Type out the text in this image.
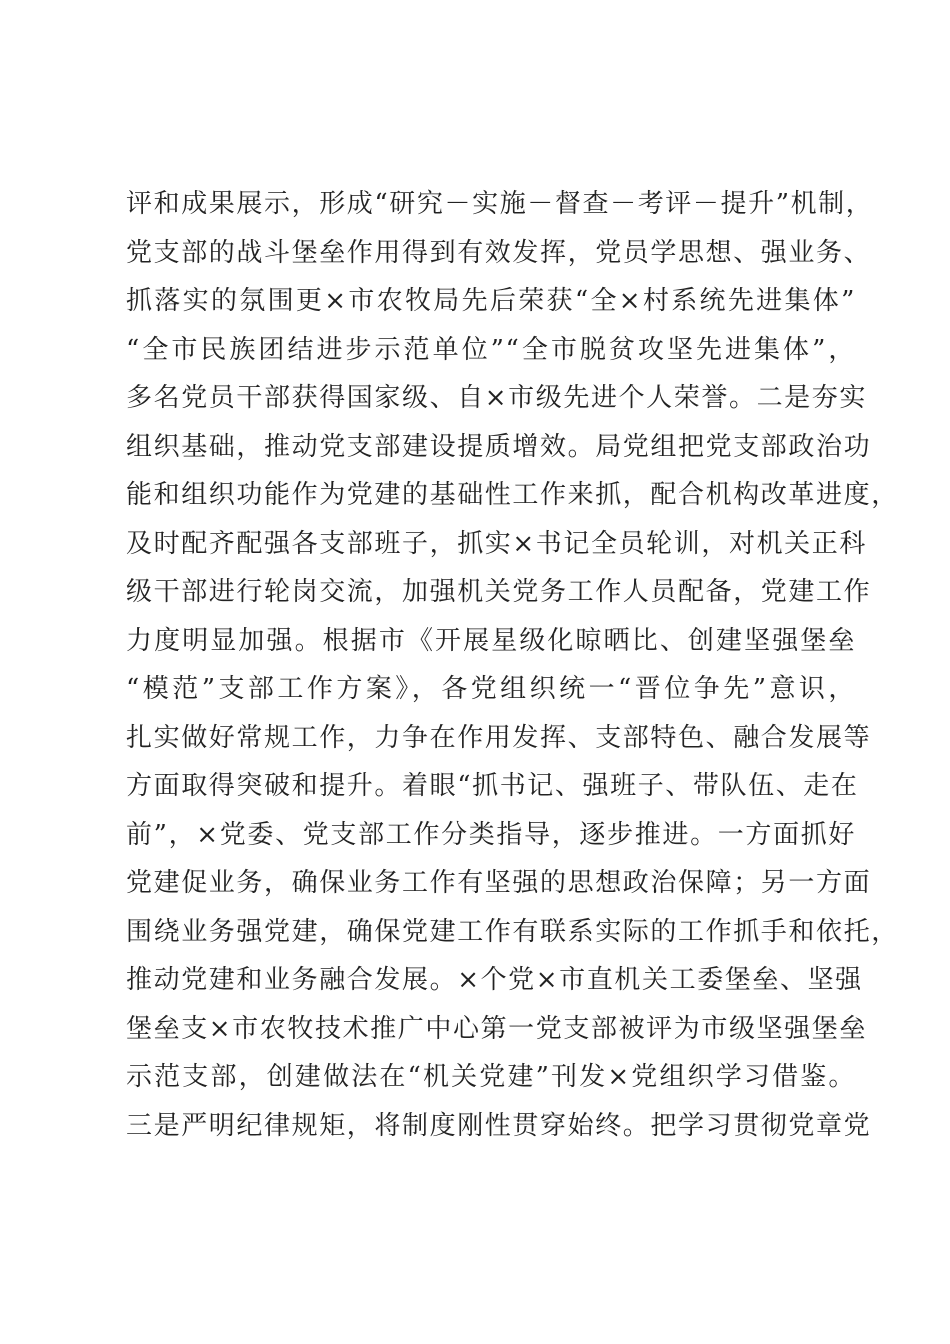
评和成果展示，形成“研究－实施－督查－考评－提升”机制，
党支部的战斗堡垒作用得到有效发挥，党员学思想、强业务、
抓落实的氛围更×市农牧局先后荣获“全×村系统先进集体”
“全市民族团结进步示范单位”“全市脱贫攻坚先进集体”，
多名党员干部获得国家级、自×市级先进个人荣誉。二是夯实
组织基础，推动党支部建设提质增效。局党组把党支部政治功
能和组织功能作为党建的基础性工作来抓，配合机构改革进度，
及时配齐配强各支部班子，抓实×书记全员轮训，对机关正科
级干部进行轮岗交流，加强机关党务工作人员配备，党建工作
力度明显加强。根据市《开展星级化晾晒比、创建坚强堡垒
“模范”支部工作方案》，各党组织统一“晋位争先”意识，
扎实做好常规工作，力争在作用发挥、支部特色、融合发展等
方面取得突破和提升。着眼“抓书记、强班子、带队伍、走在
前”，×党委、党支部工作分类指导，逐步推进。一方面抓好
党建促业务，确保业务工作有坚强的思想政治保障；另一方面
围绕业务强党建，确保党建工作有联系实际的工作抓手和依托，
推动党建和业务融合发展。×个党×市直机关工委堡垒、坚强
堡垒支×市农牧技术推广中心第一党支部被评为市级坚强堡垒
示范支部，创建做法在“机关党建”刊发×党组织学习借鉴。
三是严明纪律规矩，将制度刚性贯穿始终。把学习贯彻党章党
